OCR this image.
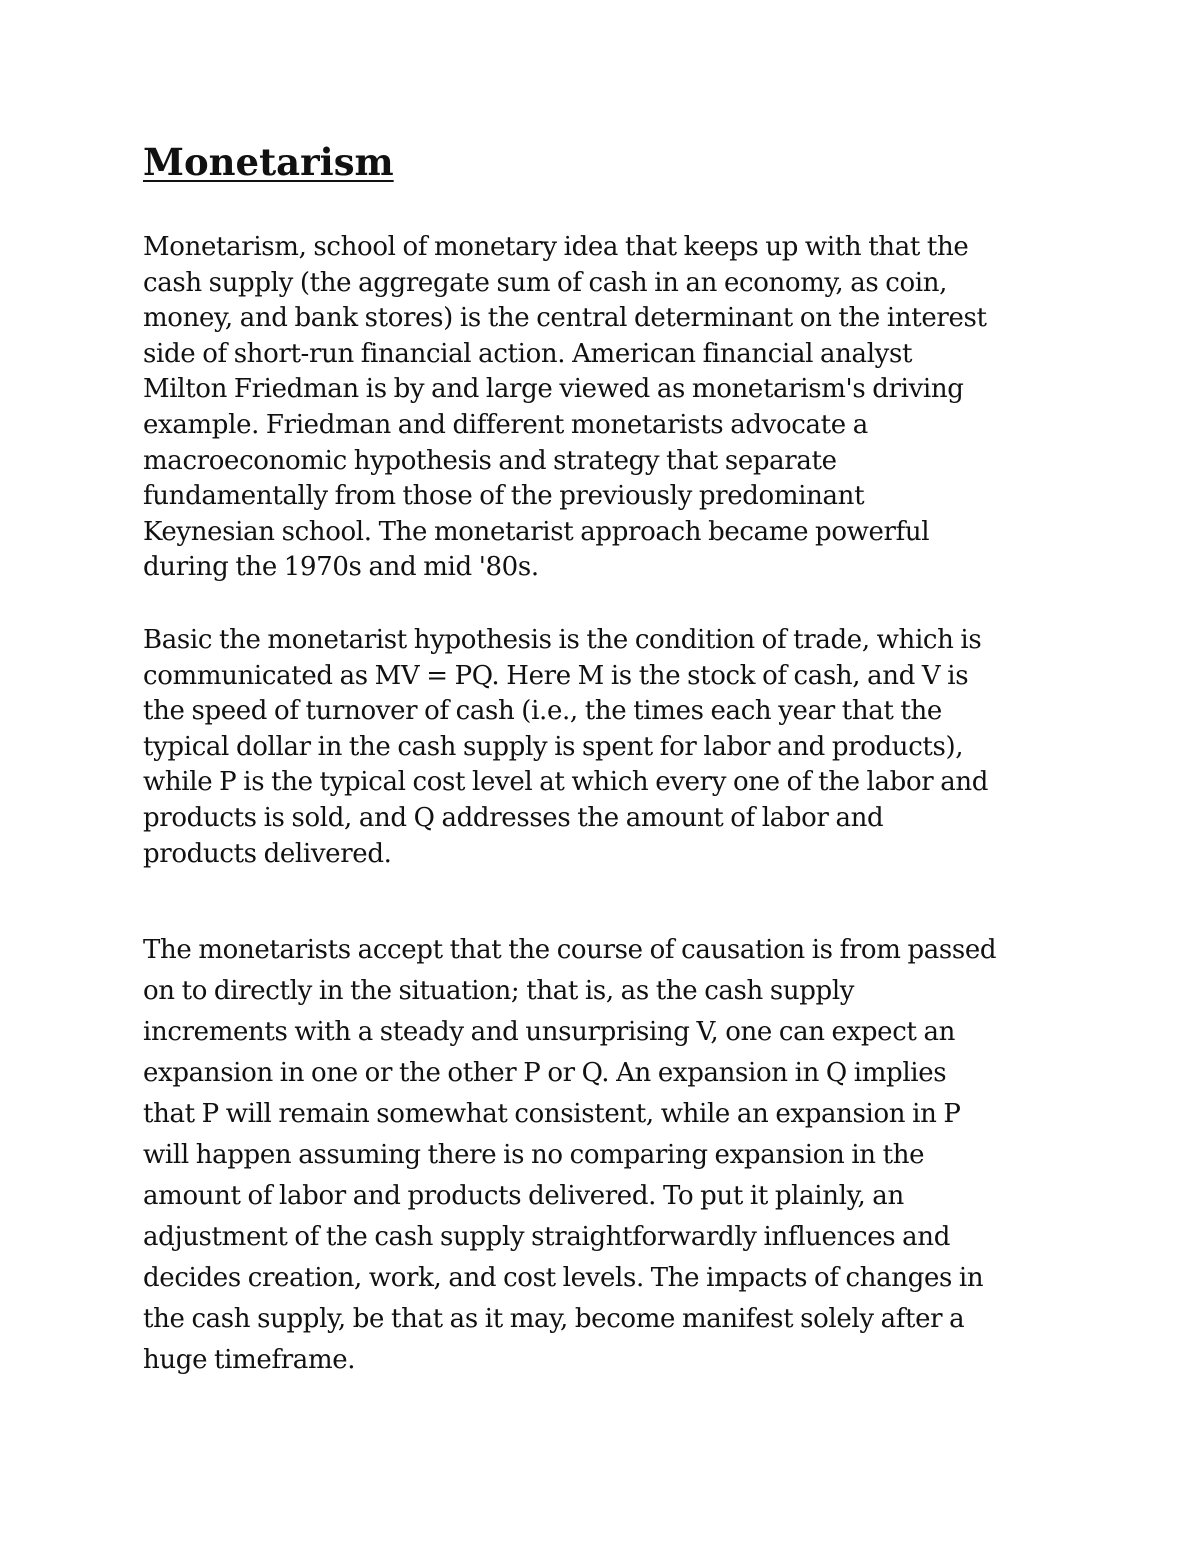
Monetarism

Monetarism, school of monetary idea that keeps up with that the
cash supply (the aggregate sum of cash in an economy, as coin,
money, and bank stores) is the central determinant on the interest
side of short-run financial action. American financial analyst
Milton Friedman is by and large viewed as monetarism's driving
example. Friedman and different monetarists advocate a
macroeconomic hypothesis and strategy that separate
fundamentally from those of the previously predominant
Keynesian school. The monetarist approach became powerful
during the 1970s and mid '80s.

Basic the monetarist hypothesis is the condition of trade, which is
communicated as MV = PQ. Here M is the stock of cash, and V is
the speed of turnover of cash (i.e., the times each year that the
typical dollar in the cash supply is spent for labor and products),
while P is the typical cost level at which every one of the labor and
products is sold, and Q addresses the amount of labor and
products delivered.

The monetarists accept that the course of causation is from passed
on to directly in the situation; that is, as the cash supply
increments with a steady and unsurprising V, one can expect an
expansion in one or the other P or Q. An expansion in Q implies
that P will remain somewhat consistent, while an expansion in P
will happen assuming there is no comparing expansion in the
amount of labor and products delivered. To put it plainly, an
adjustment of the cash supply straightforwardly influences and
decides creation, work, and cost levels. The impacts of changes in
the cash supply, be that as it may, become manifest solely after a
huge timeframe.
